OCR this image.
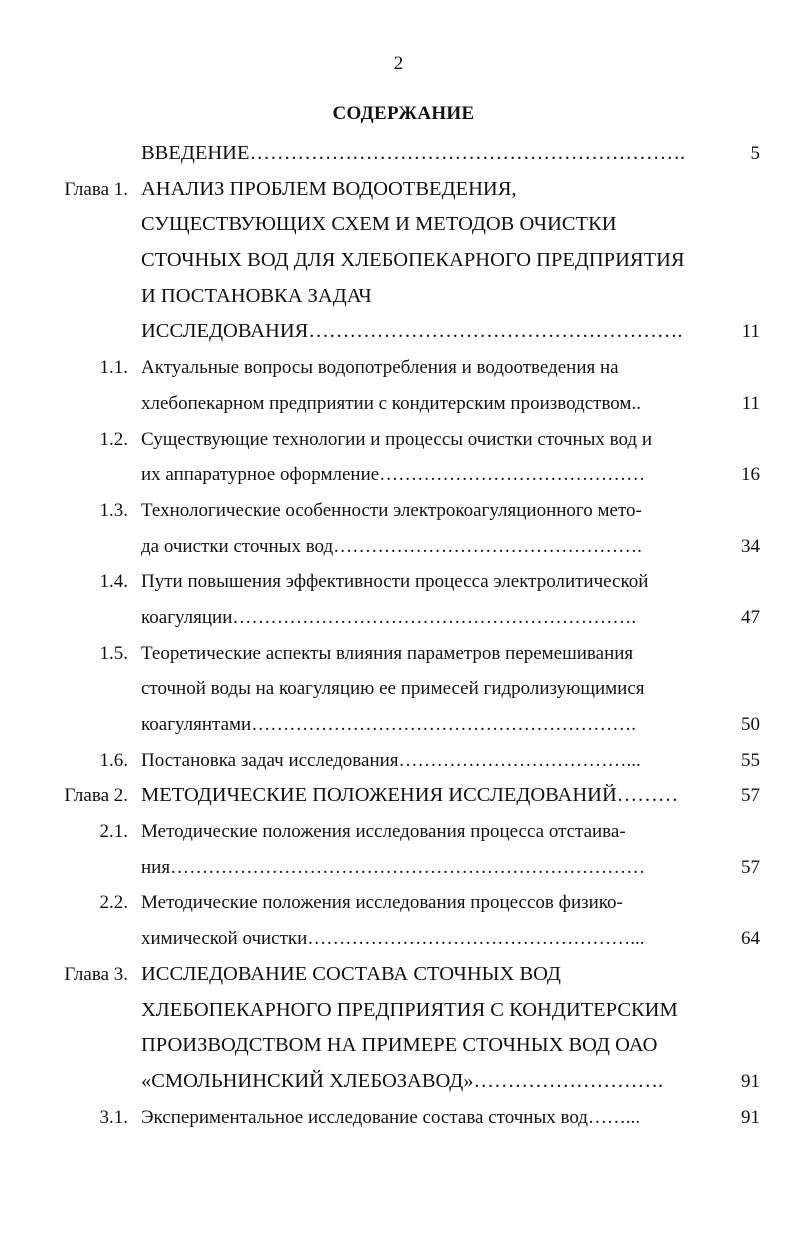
2
СОДЕРЖАНИЕ
ВВЕДЕНИЕ……………………………………………………….	5
Глава 1. АНАЛИЗ ПРОБЛЕМ ВОДООТВЕДЕНИЯ,
СУЩЕСТВУЮЩИХ СХЕМ И МЕТОДОВ ОЧИСТКИ
СТОЧНЫХ ВОД ДЛЯ ХЛЕБОПЕКАРНОГО ПРЕДПРИЯТИЯ
И ПОСТАНОВКА ЗАДАЧ
ИССЛЕДОВАНИЯ……………………………………………….	11
1.1. Актуальные вопросы водопотребления и водоотведения на
хлебопекарном предприятии с кондитерским производством..	11
1.2. Существующие технологии и процессы очистки сточных вод и
их аппаратурное оформление……………………………………	16
1.3. Технологические особенности электрокоагуляционного мето-
да очистки сточных вод………………………………………….	34
1.4. Пути повышения эффективности процесса электролитической
коагуляции……………………………………………………….	47
1.5. Теоретические аспекты влияния параметров перемешивания
сточной воды на коагуляцию ее примесей гидролизующимися
коагулянтами…………………………………………………….	50
1.6. Постановка задач исследования………………………………...	55
Глава 2. МЕТОДИЧЕСКИЕ ПОЛОЖЕНИЯ ИССЛЕДОВАНИЙ………	57
2.1. Методические положения исследования процесса отстаива-
ния…………………………………………………………………	57
2.2. Методические положения исследования процессов физико-
химической очистки……………………………………………...	64
Глава 3. ИССЛЕДОВАНИЕ СОСТАВА СТОЧНЫХ ВОД
ХЛЕБОПЕКАРНОГО ПРЕДПРИЯТИЯ С КОНДИТЕРСКИМ
ПРОИЗВОДСТВОМ НА ПРИМЕРЕ СТОЧНЫХ ВОД ОАО
«СМОЛЬНИНСКИЙ ХЛЕБОЗАВОД»……………………….	91
3.1. Экспериментальное исследование состава сточных вод……...	91
